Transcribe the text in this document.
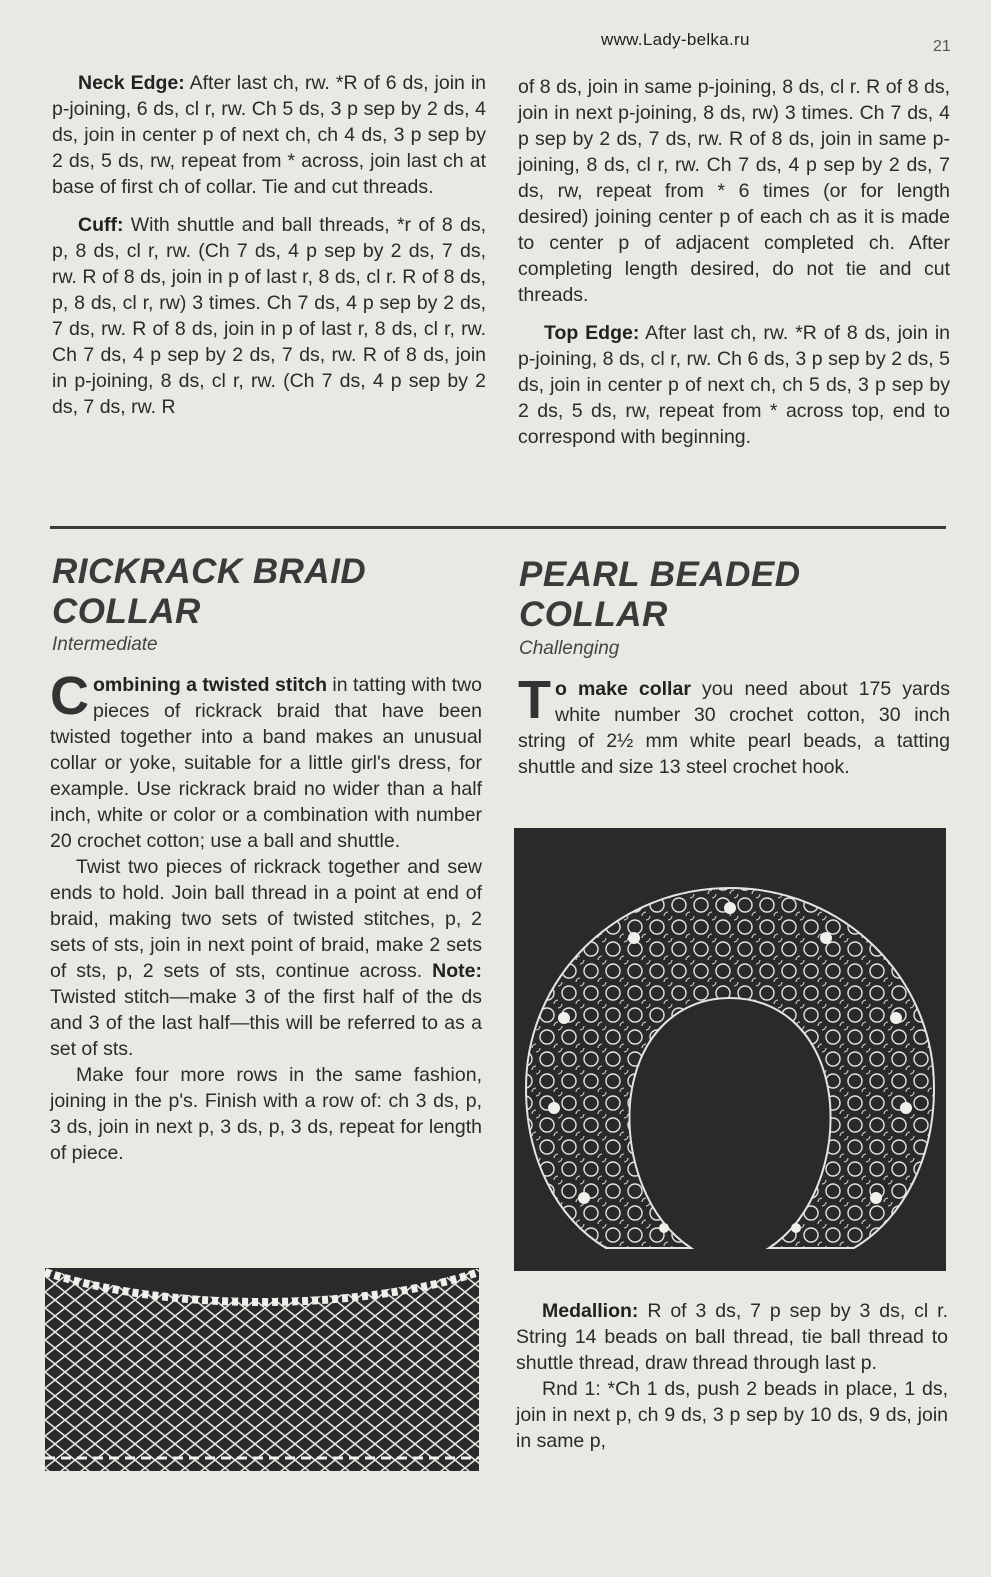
www.Lady-belka.ru	21

Neck Edge: After last ch, rw. *R of 6 ds, join in p-joining, 6 ds, cl r, rw. Ch 5 ds, 3 p sep by 2 ds, 4 ds, join in center p of next ch, ch 4 ds, 3 p sep by 2 ds, 5 ds, rw, repeat from * across, join last ch at base of first ch of collar. Tie and cut threads.

Cuff: With shuttle and ball threads, *r of 8 ds, p, 8 ds, cl r, rw. (Ch 7 ds, 4 p sep by 2 ds, 7 ds, rw. R of 8 ds, join in p of last r, 8 ds, cl r. R of 8 ds, p, 8 ds, cl r, rw) 3 times. Ch 7 ds, 4 p sep by 2 ds, 7 ds, rw. R of 8 ds, join in p of last r, 8 ds, cl r, rw. Ch 7 ds, 4 p sep by 2 ds, 7 ds, rw. R of 8 ds, join in p-joining, 8 ds, cl r, rw. (Ch 7 ds, 4 p sep by 2 ds, 7 ds, rw. R

of 8 ds, join in same p-joining, 8 ds, cl r. R of 8 ds, join in next p-joining, 8 ds, rw) 3 times. Ch 7 ds, 4 p sep by 2 ds, 7 ds, rw. R of 8 ds, join in same p-joining, 8 ds, cl r, rw. Ch 7 ds, 4 p sep by 2 ds, 7 ds, rw, repeat from * 6 times (or for length desired) joining center p of each ch as it is made to center p of adjacent completed ch. After completing length desired, do not tie and cut threads.

Top Edge: After last ch, rw. *R of 8 ds, join in p-joining, 8 ds, cl r, rw. Ch 6 ds, 3 p sep by 2 ds, 5 ds, join in center p of next ch, ch 5 ds, 3 p sep by 2 ds, 5 ds, rw, repeat from * across top, end to correspond with beginning.

RICKRACK BRAID
COLLAR
Intermediate
PEARL BEADED
COLLAR
Challenging

Combining a twisted stitch in tatting with two pieces of rickrack braid that have been twisted together into a band makes an unusual collar or yoke, suitable for a little girl's dress, for example. Use rickrack braid no wider than a half inch, white or color or a combination with number 20 crochet cotton; use a ball and shuttle.

Twist two pieces of rickrack together and sew ends to hold. Join ball thread in a point at end of braid, making two sets of twisted stitches, p, 2 sets of sts, join in next point of braid, make 2 sets of sts, p, 2 sets of sts, continue across. Note: Twisted stitch—make 3 of the first half of the ds and 3 of the last half—this will be referred to as a set of sts.

Make four more rows in the same fashion, joining in the p's. Finish with a row of: ch 3 ds, p, 3 ds, join in next p, 3 ds, p, 3 ds, repeat for length of piece.

To make collar you need about 175 yards white number 30 crochet cotton, 30 inch string of 2½ mm white pearl beads, a tatting shuttle and size 13 steel crochet hook.

Medallion: R of 3 ds, 7 p sep by 3 ds, cl r. String 14 beads on ball thread, tie ball thread to shuttle thread, draw thread through last p.

Rnd 1: *Ch 1 ds, push 2 beads in place, 1 ds, join in next p, ch 9 ds, 3 p sep by 10 ds, 9 ds, join in same p,
